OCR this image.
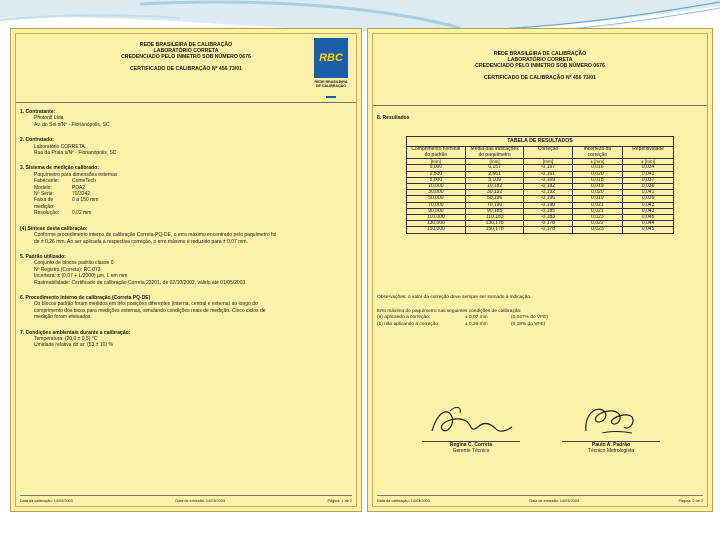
REDE BRASILEIRA DE CALIBRAÇÃO
LABORATÓRIO CORRETA
CREDENCIADO PELO INMETRO SOB NÚMERO 0676
CERTIFICADO DE CALIBRAÇÃO Nº 456 73/01
RBC
REDE BRASILEIRA DE CALIBRAÇÃO
1. Contratante:
Photonit Ltda
Av. do Sol s/Nº - Florianópolis, SC
2. Contratado:
Laboratório CORRETA
Rua da Praia s/Nº - Florianópolis, SC
3. Sistema de medição calibrado:
Paquímetro para dimensões externas
Fabricante:	ComeTech
Modelo:	PDA2
Nº Série:	70/3242
Faixa de medição:
0 a 150 mm
Resolução:	0,02 mm
(4) Síntese desta calibração:
Conforme procedimento interno de calibração Correta-PQ-DE, o erro máximo encontrado pelo paquímetro foi
de ± 0,26 mm. Ao ser aplicada a respectiva correção, o erro máximo é reduzido para ± 0,07 mm.
5. Padrão utilizado:
Conjunto de blocos padrão classe 0
Nº Registro (Correta): RC 073
Incerteza: ± (0,07 + L/2000) µm, L em mm
Rastreabilidade: Certificado de calibração Correta 23201, de 02/10/2002, válido até 01/05/2003.
6. Procedimento interno de calibração (Correta PQ-DE)
Os blocos padrão foram medidos em três posições diferentes (interna, central e externa) ao longo do
comprimento dos bicos para medições externas, simulando condições reais de medição. Cinco ciclos de
medição foram efetuados.
7. Condições ambientais durante a calibração:
Temperatura: (20,0 ± 0,5) °C
Umidade relativa do ar: (53 ± 10) %
Data da calibração: 14/03/2003	Data de emissão: 14/03/2003	Página: 1 de 2
REDE BRASILEIRA DE CALIBRAÇÃO
LABORATÓRIO CORRETA
CREDENCIADO PELO INMETRO SOB NÚMERO 0676
CERTIFICADO DE CALIBRAÇÃO Nº 456 73/01
8. Resultados
TABELA DE RESULTADOS
Comprimento nominal do padrão	Média das indicações do paquímetro	Correção	Incerteza da correção	Repetitividade
[mm]	[mm]	[mm]	± [mm]	± [mm]
0,000	0,157	-0,157	0,016	0,034
2,500	2,661	-0,161	0,020	0,041
5,000	5,109	-0,109	0,018	0,037
10,000	10,182	-0,182	0,019	0,036
30,000	30,192	-0,192	0,020	0,041
50,000	50,196	-0,196	0,019	0,039
70,000	70,190	-0,190	0,021	0,043
90,000	90,185	-0,185	0,021	0,043
110,000	110,183	-0,183	0,023	0,045
130,000	130,178	-0,178	0,022	0,044
150,000	150,178	-0,178	0,023	0,045
Observações: o valor da correção deve sempre ser somado à indicação.
Erro máximo do paquímetro nas seguintes condições de calibração:
(a) aplicando a correção:	± 0,07 mm	(0,047% do VFE)
(b) não aplicando a correção:	± 0,26 mm	(0,18% do VFE)
Regina C. Correta
Gerente Técnico
Paulo A. Padrão
Técnico Metrologista
Data da calibração: 14/03/2003	Data de emissão: 14/03/2003	Página: 2 de 2
